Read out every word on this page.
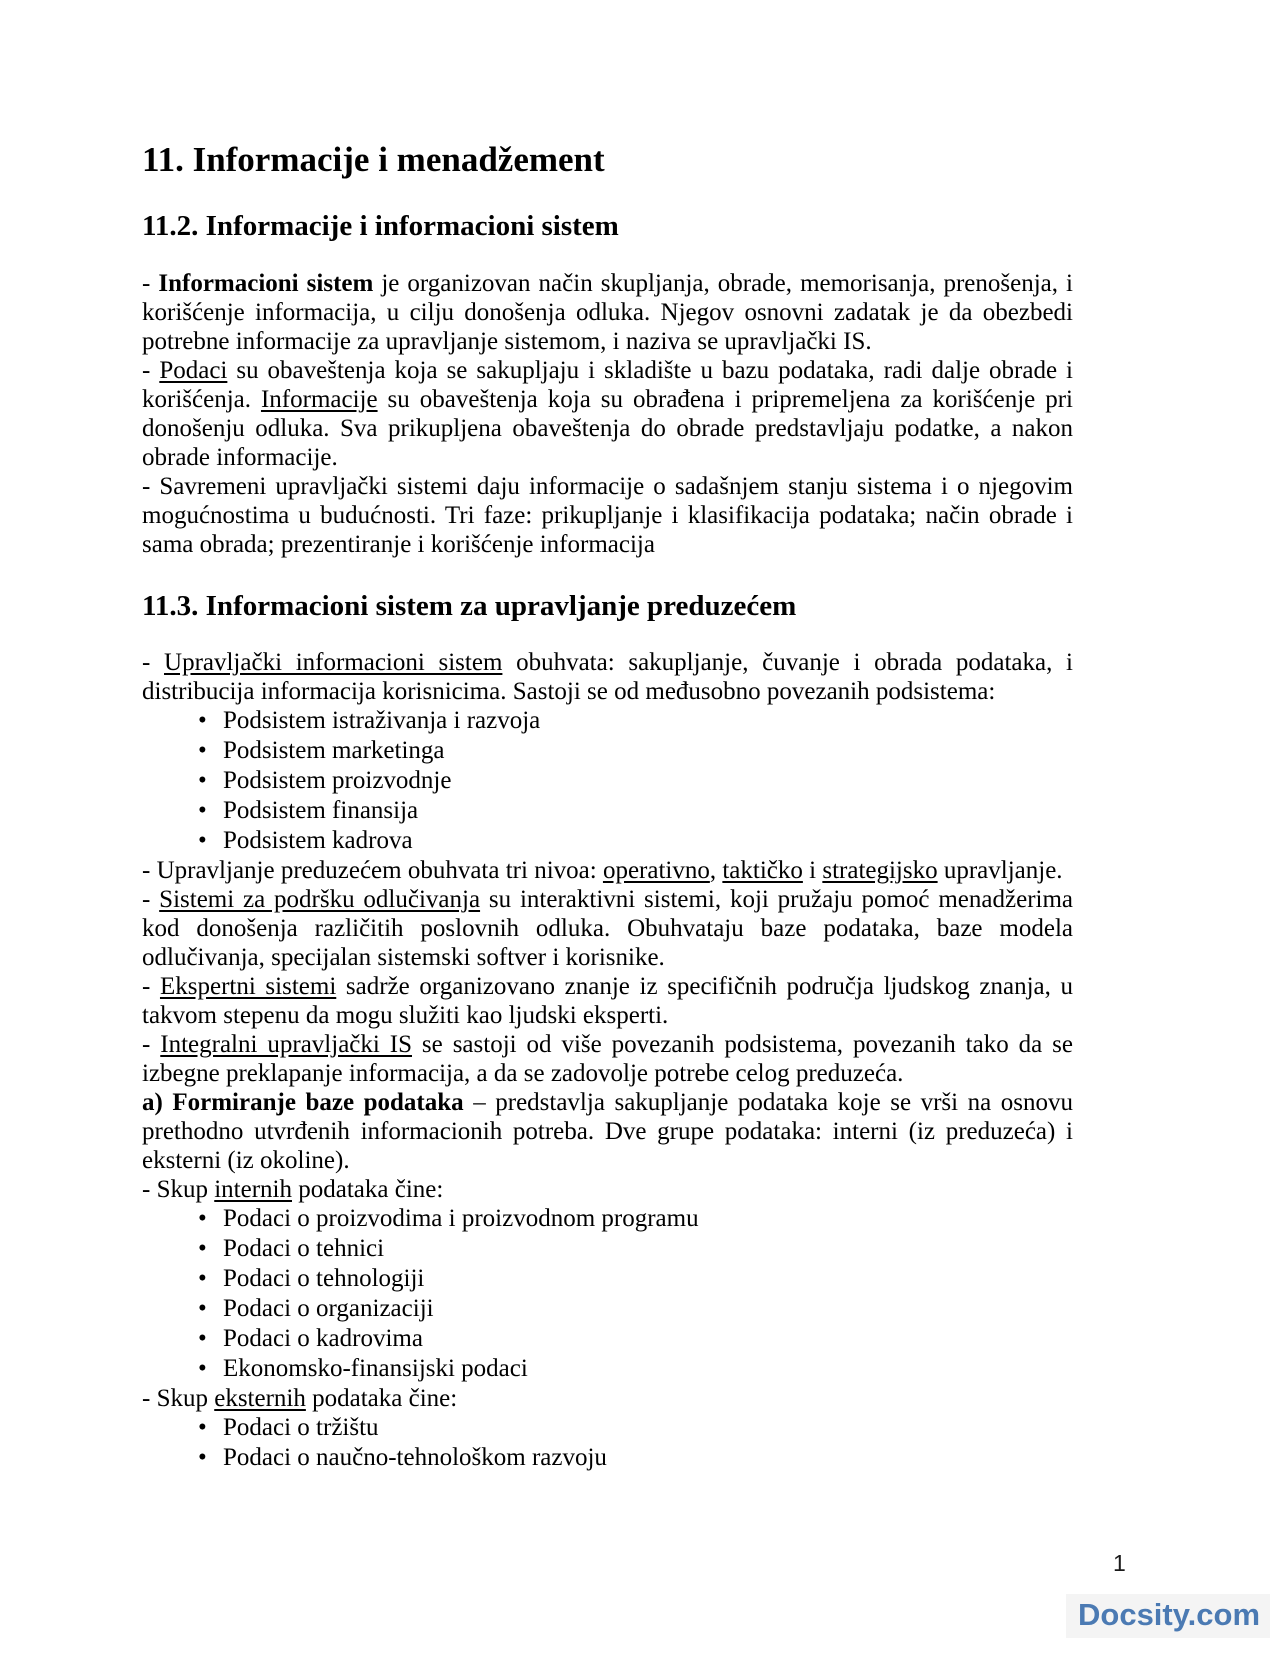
11. Informacije i menadžement
11.2. Informacije i informacioni sistem

- Informacioni sistem je organizovan način skupljanja, obrade, memorisanja, prenošenja, i korišćenje informacija, u cilju donošenja odluka. Njegov osnovni zadatak je da obezbedi potrebne informacije za upravljanje sistemom, i naziva se upravljački IS.

- Podaci su obaveštenja koja se sakupljaju i skladište u bazu podataka, radi dalje obrade i korišćenja. Informacije su obaveštenja koja su obrađena i pripremeljena za korišćenje pri donošenju odluka. Sva prikupljena obaveštenja do obrade predstavljaju podatke, a nakon obrade informacije.

- Savremeni upravljački sistemi daju informacije o sadašnjem stanju sistema i o njegovim mogućnostima u budućnosti. Tri faze: prikupljanje i klasifikacija podataka; način obrade i sama obrada; prezentiranje i korišćenje informacija

11.3. Informacioni sistem za upravljanje preduzećem

- Upravljački informacioni sistem obuhvata: sakupljanje, čuvanje i obrada podataka, i distribucija informacija korisnicima. Sastoji se od međusobno povezanih podsistema:

• Podsistem istraživanja i razvoja
• Podsistem marketinga
• Podsistem proizvodnje
• Podsistem finansija
• Podsistem kadrova

- Upravljanje preduzećem obuhvata tri nivoa: operativno, taktičko i strategijsko upravljanje.

- Sistemi za podršku odlučivanja su interaktivni sistemi, koji pružaju pomoć menadžerima kod donošenja različitih poslovnih odluka. Obuhvataju baze podataka, baze modela odlučivanja, specijalan sistemski softver i korisnike.

- Ekspertni sistemi sadrže organizovano znanje iz specifičnih područja ljudskog znanja, u takvom stepenu da mogu služiti kao ljudski eksperti.

- Integralni upravljački IS se sastoji od više povezanih podsistema, povezanih tako da se izbegne preklapanje informacija, a da se zadovolje potrebe celog preduzeća.

a) Formiranje baze podataka – predstavlja sakupljanje podataka koje se vrši na osnovu prethodno utvrđenih informacionih potreba. Dve grupe podataka: interni (iz preduzeća) i eksterni (iz okoline).

- Skup internih podataka čine:

• Podaci o proizvodima i proizvodnom programu
• Podaci o tehnici
• Podaci o tehnologiji
• Podaci o organizaciji
• Podaci o kadrovima
• Ekonomsko-finansijski podaci

- Skup eksternih podataka čine:

• Podaci o tržištu
• Podaci o naučno-tehnološkom razvoju
1
Docsity.com
